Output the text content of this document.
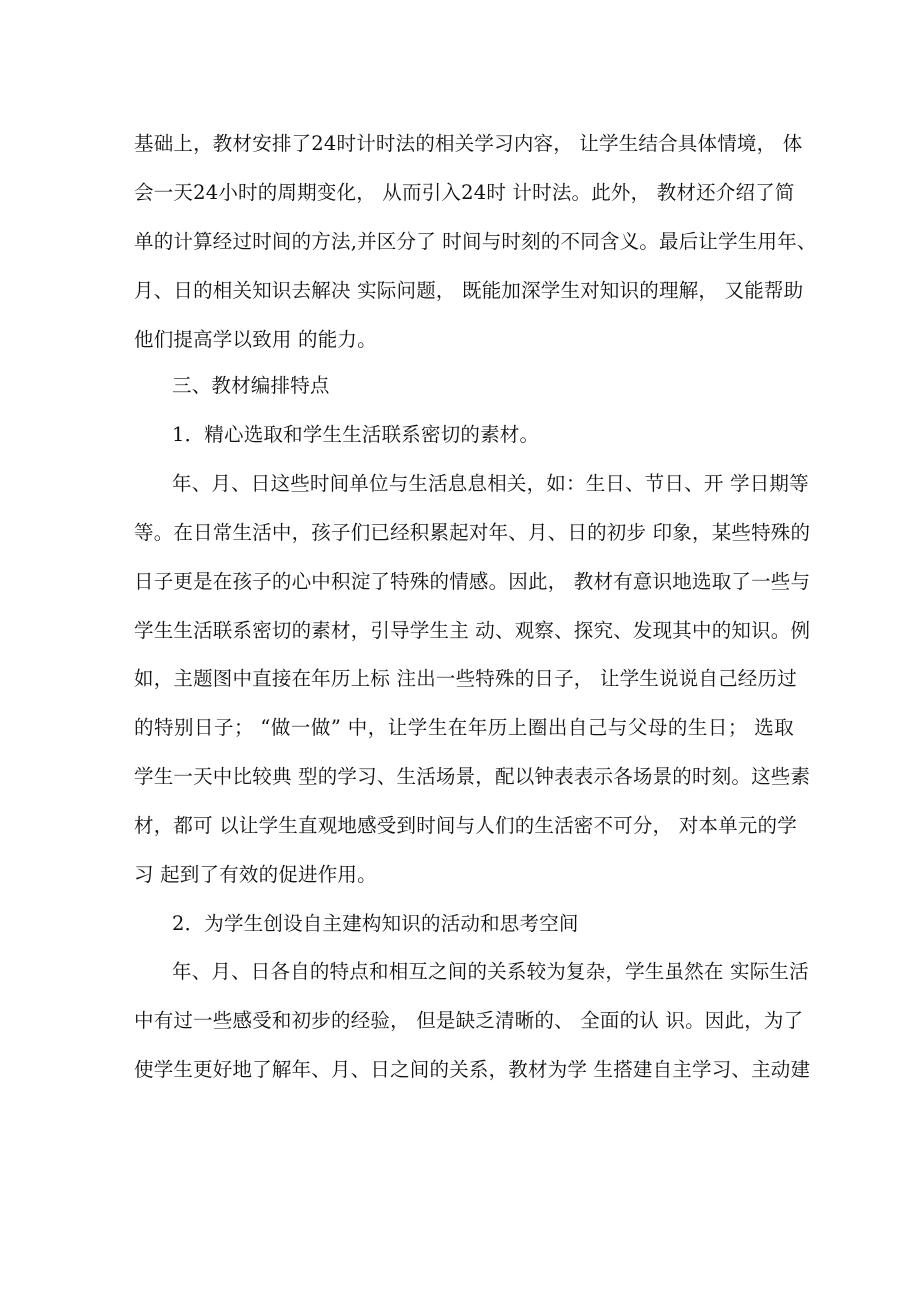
基础上，教材安排了24时计时法的相关学习内容， 让学生结合具体情境， 体
会一天24小时的周期变化， 从而引入24时 计时法。此外， 教材还介绍了简
单的计算经过时间的方法,并区分了 时间与时刻的不同含义。最后让学生用年、
月、日的相关知识去解决 实际问题， 既能加深学生对知识的理解， 又能帮助
他们提高学以致用 的能力。
三、教材编排特点
1．精心选取和学生生活联系密切的素材。
年、月、日这些时间单位与生活息息相关，如：生日、节日、开 学日期等
等。在日常生活中，孩子们已经积累起对年、月、日的初步 印象，某些特殊的
日子更是在孩子的心中积淀了特殊的情感。因此， 教材有意识地选取了一些与
学生生活联系密切的素材，引导学生主 动、观察、探究、发现其中的知识。例
如，主题图中直接在年历上标 注出一些特殊的日子， 让学生说说自己经历过
的特别日子； “做一做” 中，让学生在年历上圈出自己与父母的生日； 选取
学生一天中比较典 型的学习、生活场景，配以钟表表示各场景的时刻。这些素
材，都可 以让学生直观地感受到时间与人们的生活密不可分， 对本单元的学
习 起到了有效的促进作用。
2．为学生创设自主建构知识的活动和思考空间
年、月、日各自的特点和相互之间的关系较为复杂，学生虽然在 实际生活
中有过一些感受和初步的经验， 但是缺乏清晰的、 全面的认 识。因此，为了
使学生更好地了解年、月、日之间的关系，教材为学 生搭建自主学习、主动建
